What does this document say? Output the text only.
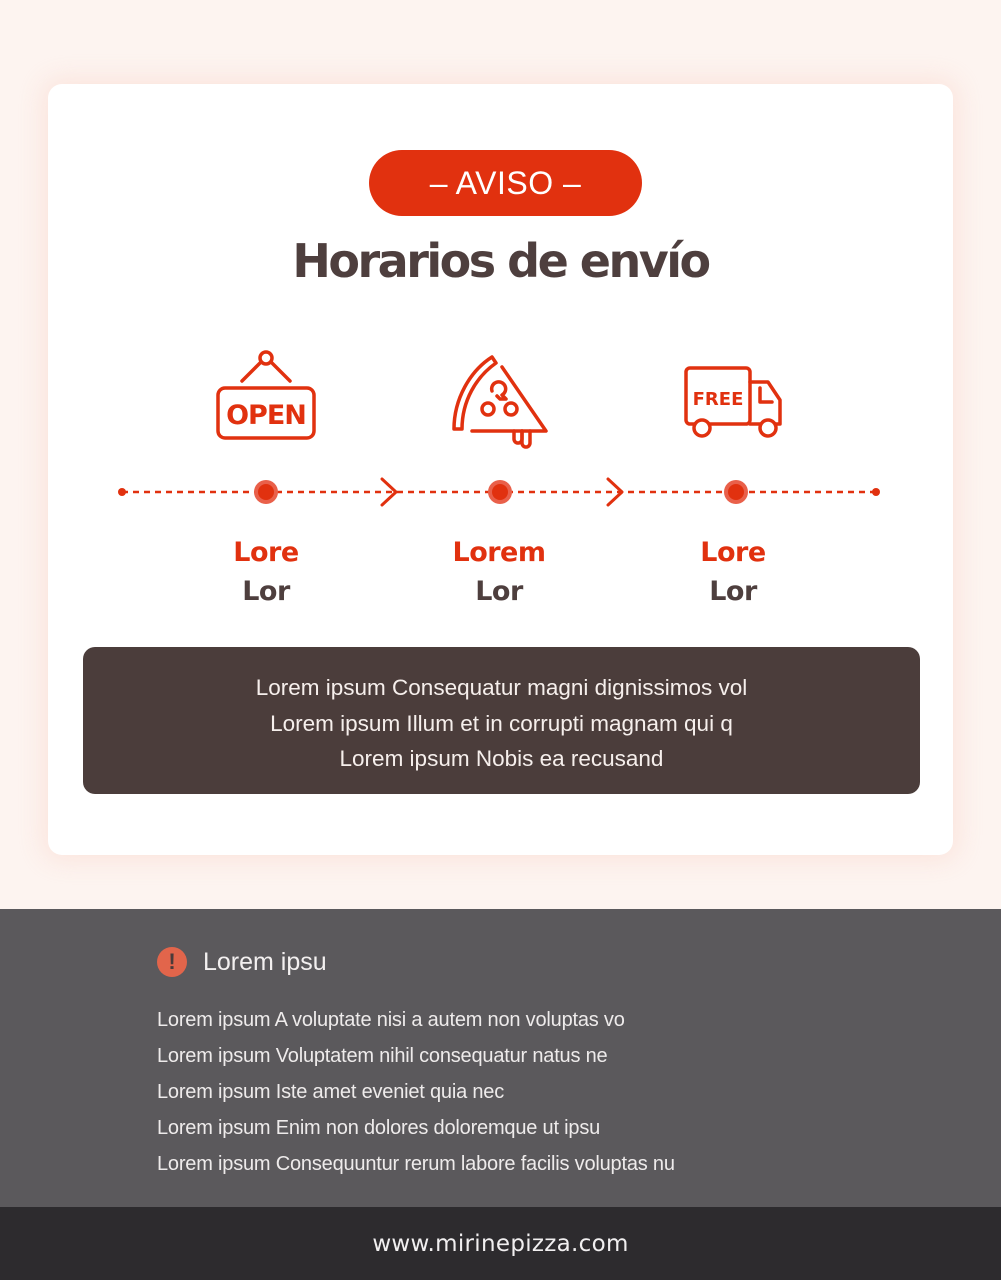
– AVISO –
Horarios de envío
OPEN
FREE
Lore
Lor
Lorem
Lor
Lore
Lor
Lorem ipsum Consequatur magni dignissimos vol
Lorem ipsum Illum et in corrupti magnam qui q
Lorem ipsum Nobis ea recusand
!	Lorem ipsu
Lorem ipsum A voluptate nisi a autem non voluptas vo
Lorem ipsum Voluptatem nihil consequatur natus ne
Lorem ipsum Iste amet eveniet quia nec
Lorem ipsum Enim non dolores doloremque ut ipsu
Lorem ipsum Consequuntur rerum labore facilis voluptas nu
www.mirinepizza.com
